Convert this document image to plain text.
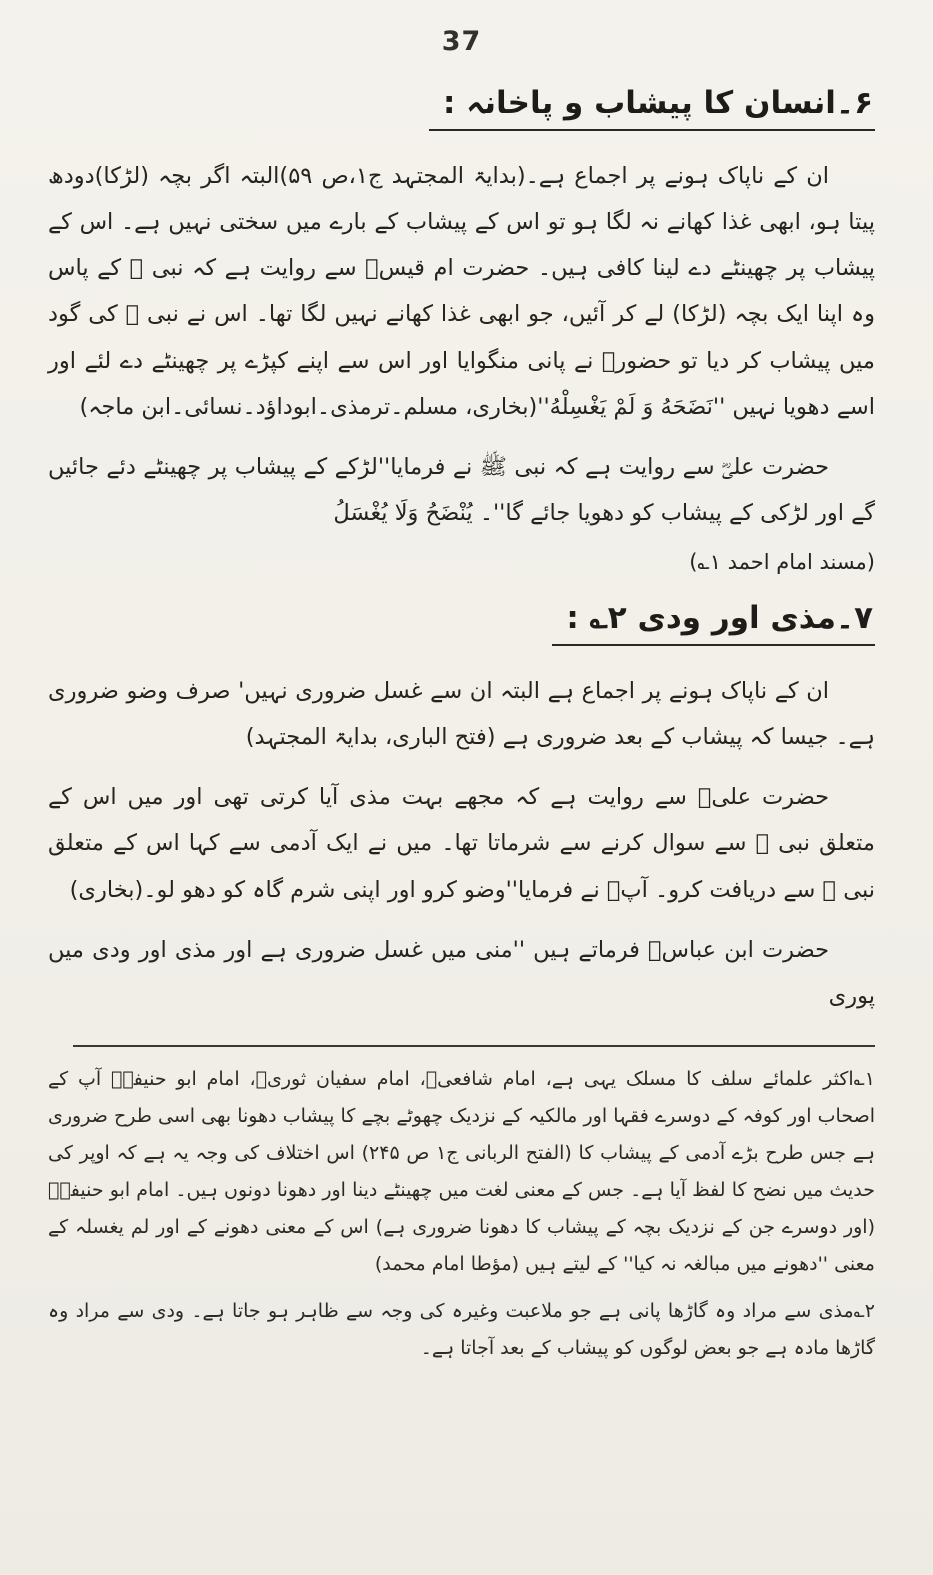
37
۶۔انسان کا پیشاب و پاخانہ :

ان کے ناپاک ہونے پر اجماع ہے۔(بدایۃ المجتہد ج۱،ص ۵۹)البتہ اگر بچہ (لڑکا)دودھ پیتا ہو، ابھی غذا کھانے نہ لگا ہو تو اس کے پیشاب کے بارے میں سختی نہیں ہے۔ اس کے پیشاب پر چھینٹے دے لینا کافی ہیں۔ حضرت ام قیسؓ سے روایت ہے کہ نبی ﷺ کے پاس وہ اپنا ایک بچہ (لڑکا) لے کر آئیں، جو ابھی غذا کھانے نہیں لگا تھا۔ اس نے نبی ﷺ کی گود میں پیشاب کر دیا تو حضورؐ نے پانی منگوایا اور اس سے اپنے کپڑے پر چھینٹے دے لئے اور اسے دھویا نہیں ''نَضَحَهُ وَ لَمْ يَغْسِلْهُ''(بخاری، مسلم۔ترمذی۔ابوداؤد۔نسائی۔ابن ماجہ)

حضرت علیؓ سے روایت ہے کہ نبی ﷺ نے فرمایا''لڑکے کے پیشاب پر چھینٹے دئے جائیں گے اور لڑکی کے پیشاب کو دھویا جائے گا''۔ يُنْضَحُ وَلَا يُغْسَلُ

(مسند امام احمد ۱؎)
۷۔مذی اور ودی ۲؎ :

ان کے ناپاک ہونے پر اجماع ہے البتہ ان سے غسل ضروری نہیں' صرف وضو ضروری ہے۔ جیسا کہ پیشاب کے بعد ضروری ہے (فتح الباری، بدایۃ المجتہد)

حضرت علیؓ سے روایت ہے کہ مجھے بہت مذی آیا کرتی تھی اور میں اس کے متعلق نبی ﷺ سے سوال کرنے سے شرماتا تھا۔ میں نے ایک آدمی سے کہا اس کے متعلق نبی ﷺ سے دریافت کرو۔ آپؐ نے فرمایا''وضو کرو اور اپنی شرم گاہ کو دھو لو۔(بخاری)

حضرت ابن عباسؓ فرماتے ہیں ''منی میں غسل ضروری ہے اور مذی اور ودی میں پوری

۱؎اکثر علمائے سلف کا مسلک یہی ہے، امام شافعیؒ، امام سفیان ثوریؒ، امام ابو حنیفہؒ آپ کے اصحاب اور کوفہ کے دوسرے فقہا اور مالکیہ کے نزدیک چھوٹے بچے کا پیشاب دھونا بھی اسی طرح ضروری ہے جس طرح بڑے آدمی کے پیشاب کا (الفتح الربانی ج۱ ص ۲۴۵) اس اختلاف کی وجہ یہ ہے کہ اوپر کی حدیث میں نضح کا لفظ آیا ہے۔ جس کے معنی لغت میں چھینٹے دینا اور دھونا دونوں ہیں۔ امام ابو حنیفہؒ (اور دوسرے جن کے نزدیک بچہ کے پیشاب کا دھونا ضروری ہے) اس کے معنی دھونے کے اور لم یغسلہ کے معنی ''دھونے میں مبالغہ نہ کیا'' کے لیتے ہیں (مؤطا امام محمد)

۲؎مذی سے مراد وہ گاڑھا پانی ہے جو ملاعبت وغیرہ کی وجہ سے ظاہر ہو جاتا ہے۔ ودی سے مراد وہ گاڑھا مادہ ہے جو بعض لوگوں کو پیشاب کے بعد آجاتا ہے۔
